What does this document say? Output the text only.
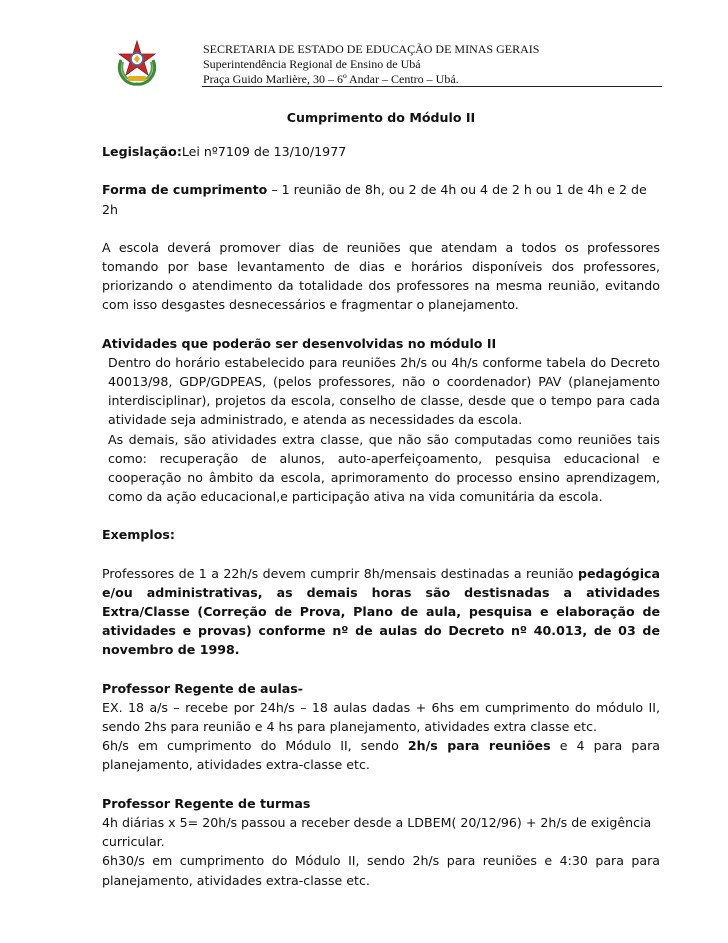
SECRETARIA DE ESTADO DE EDUCAÇÃO DE MINAS GERAIS
Superintendência Regional de Ensino de Ubá
Praça Guido Marlière, 30 – 6º Andar – Centro – Ubá.
Cumprimento do Módulo II

Legislação:Lei nº7109 de 13/10/1977

Forma de cumprimento – 1 reunião de 8h, ou 2 de 4h ou 4 de 2 h ou 1 de 4h e 2 de 2h

A escola deverá promover dias de reuniões que atendam a todos os professores tomando por base levantamento de dias e horários disponíveis dos professores, priorizando o atendimento da totalidade dos professores na mesma reunião, evitando com isso desgastes desnecessários e fragmentar o planejamento.

Atividades que poderão ser desenvolvidas no módulo II

Dentro do horário estabelecido para reuniões 2h/s ou 4h/s conforme tabela do Decreto 40013/98, GDP/GDPEAS, (pelos professores, não o coordenador) PAV (planejamento interdisciplinar), projetos da escola, conselho de classe, desde que o tempo para cada atividade seja administrado, e atenda as necessidades da escola.

As demais, são atividades extra classe, que não são computadas como reuniões tais como: recuperação de alunos, auto-aperfeiçoamento, pesquisa educacional e cooperação no âmbito da escola, aprimoramento do processo ensino aprendizagem, como da ação educacional,e participação ativa na vida comunitária da escola.

Exemplos:

Professores de 1 a 22h/s devem cumprir 8h/mensais destinadas a reunião pedagógica e/ou administrativas, as demais horas são destisnadas a atividades Extra/Classe (Correção de Prova, Plano de aula, pesquisa e elaboração de atividades e provas) conforme nº de aulas do Decreto nº 40.013, de 03 de novembro de 1998.

Professor Regente de aulas-

EX. 18 a/s – recebe por 24h/s – 18 aulas dadas + 6hs em cumprimento do módulo II, sendo 2hs para reunião e 4 hs para planejamento, atividades extra classe etc.

6h/s em cumprimento do Módulo II, sendo 2h/s para reuniões e 4 para para planejamento, atividades extra-classe etc.

Professor Regente de turmas

4h diárias x 5= 20h/s passou a receber desde a LDBEM( 20/12/96) + 2h/s de exigência curricular.

6h30/s em cumprimento do Módulo II, sendo 2h/s para reuniões e 4:30 para para planejamento, atividades extra-classe etc.
